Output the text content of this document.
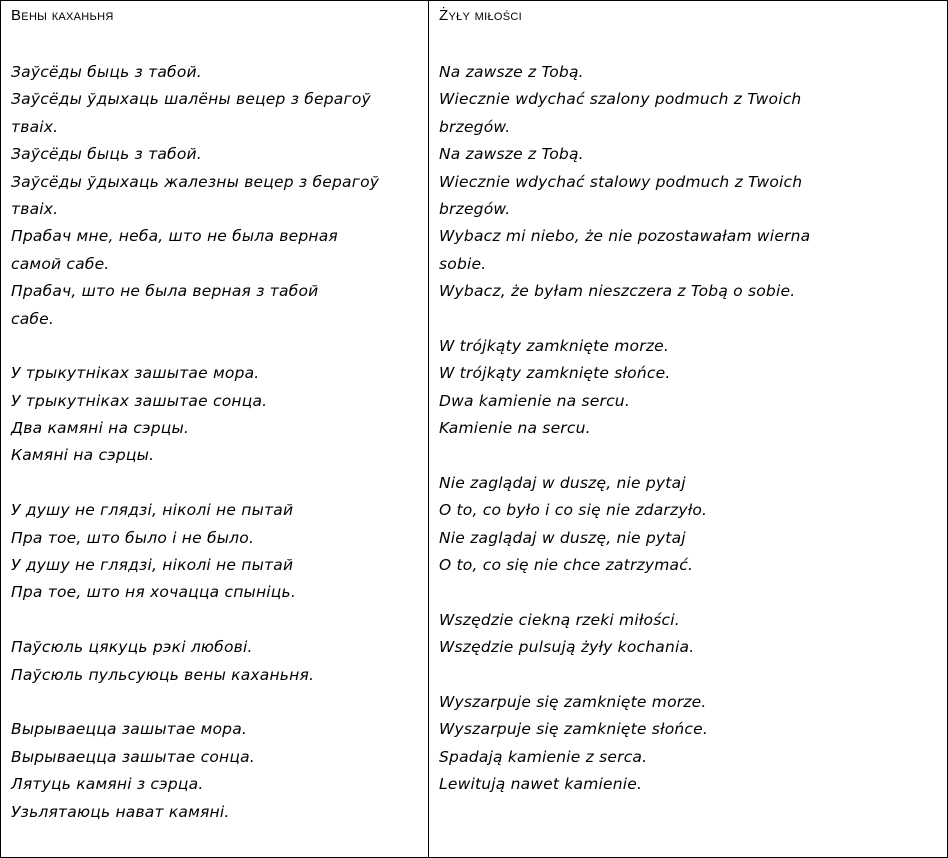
Вены каханьня
Заўсёды быць з табой.
Заўсёды ўдыхаць шалёны вецер з берагоў
тваіх.
Заўсёды быць з табой.
Заўсёды ўдыхаць жалезны вецер з берагоў
тваіх.
Прабач мне, неба, што не была верная
самой сабе.
Прабач, што не была верная з табой
сабе.
У трыкутніках зашытае мора.
У трыкутніках зашытае сонца.
Два камяні на сэрцы.
Камяні на сэрцы.
У душу не глядзі, ніколі не пытай
Пра тое, што было і не было.
У душу не глядзі, ніколі не пытай
Пра тое, што ня хочацца спыніць.
Паўсюль цякуць рэкі любові.
Паўсюль пульсуюць вены каханьня.
Вырываецца зашытае мора.
Вырываецца зашытае сонца.
Лятуць камяні з сэрца.
Узьлятаюць нават камяні.
Żyły miłości
Na zawsze z Tobą.
Wiecznie wdychać szalony podmuch z Twoich
brzegów.
Na zawsze z Tobą.
Wiecznie wdychać stalowy podmuch z Twoich
brzegów.
Wybacz mi niebo, że nie pozostawałam wierna
sobie.
Wybacz, że byłam nieszczera z Tobą o sobie.
W trójkąty zamknięte morze.
W trójkąty zamknięte słońce.
Dwa kamienie na sercu.
Kamienie na sercu.
Nie zaglądaj w duszę, nie pytaj
O to, co było i co się nie zdarzyło.
Nie zaglądaj w duszę, nie pytaj
O to, co się nie chce zatrzymać.
Wszędzie ciekną rzeki miłości.
Wszędzie pulsują żyły kochania.
Wyszarpuje się zamknięte morze.
Wyszarpuje się zamknięte słońce.
Spadają kamienie z serca.
Lewitują nawet kamienie.
